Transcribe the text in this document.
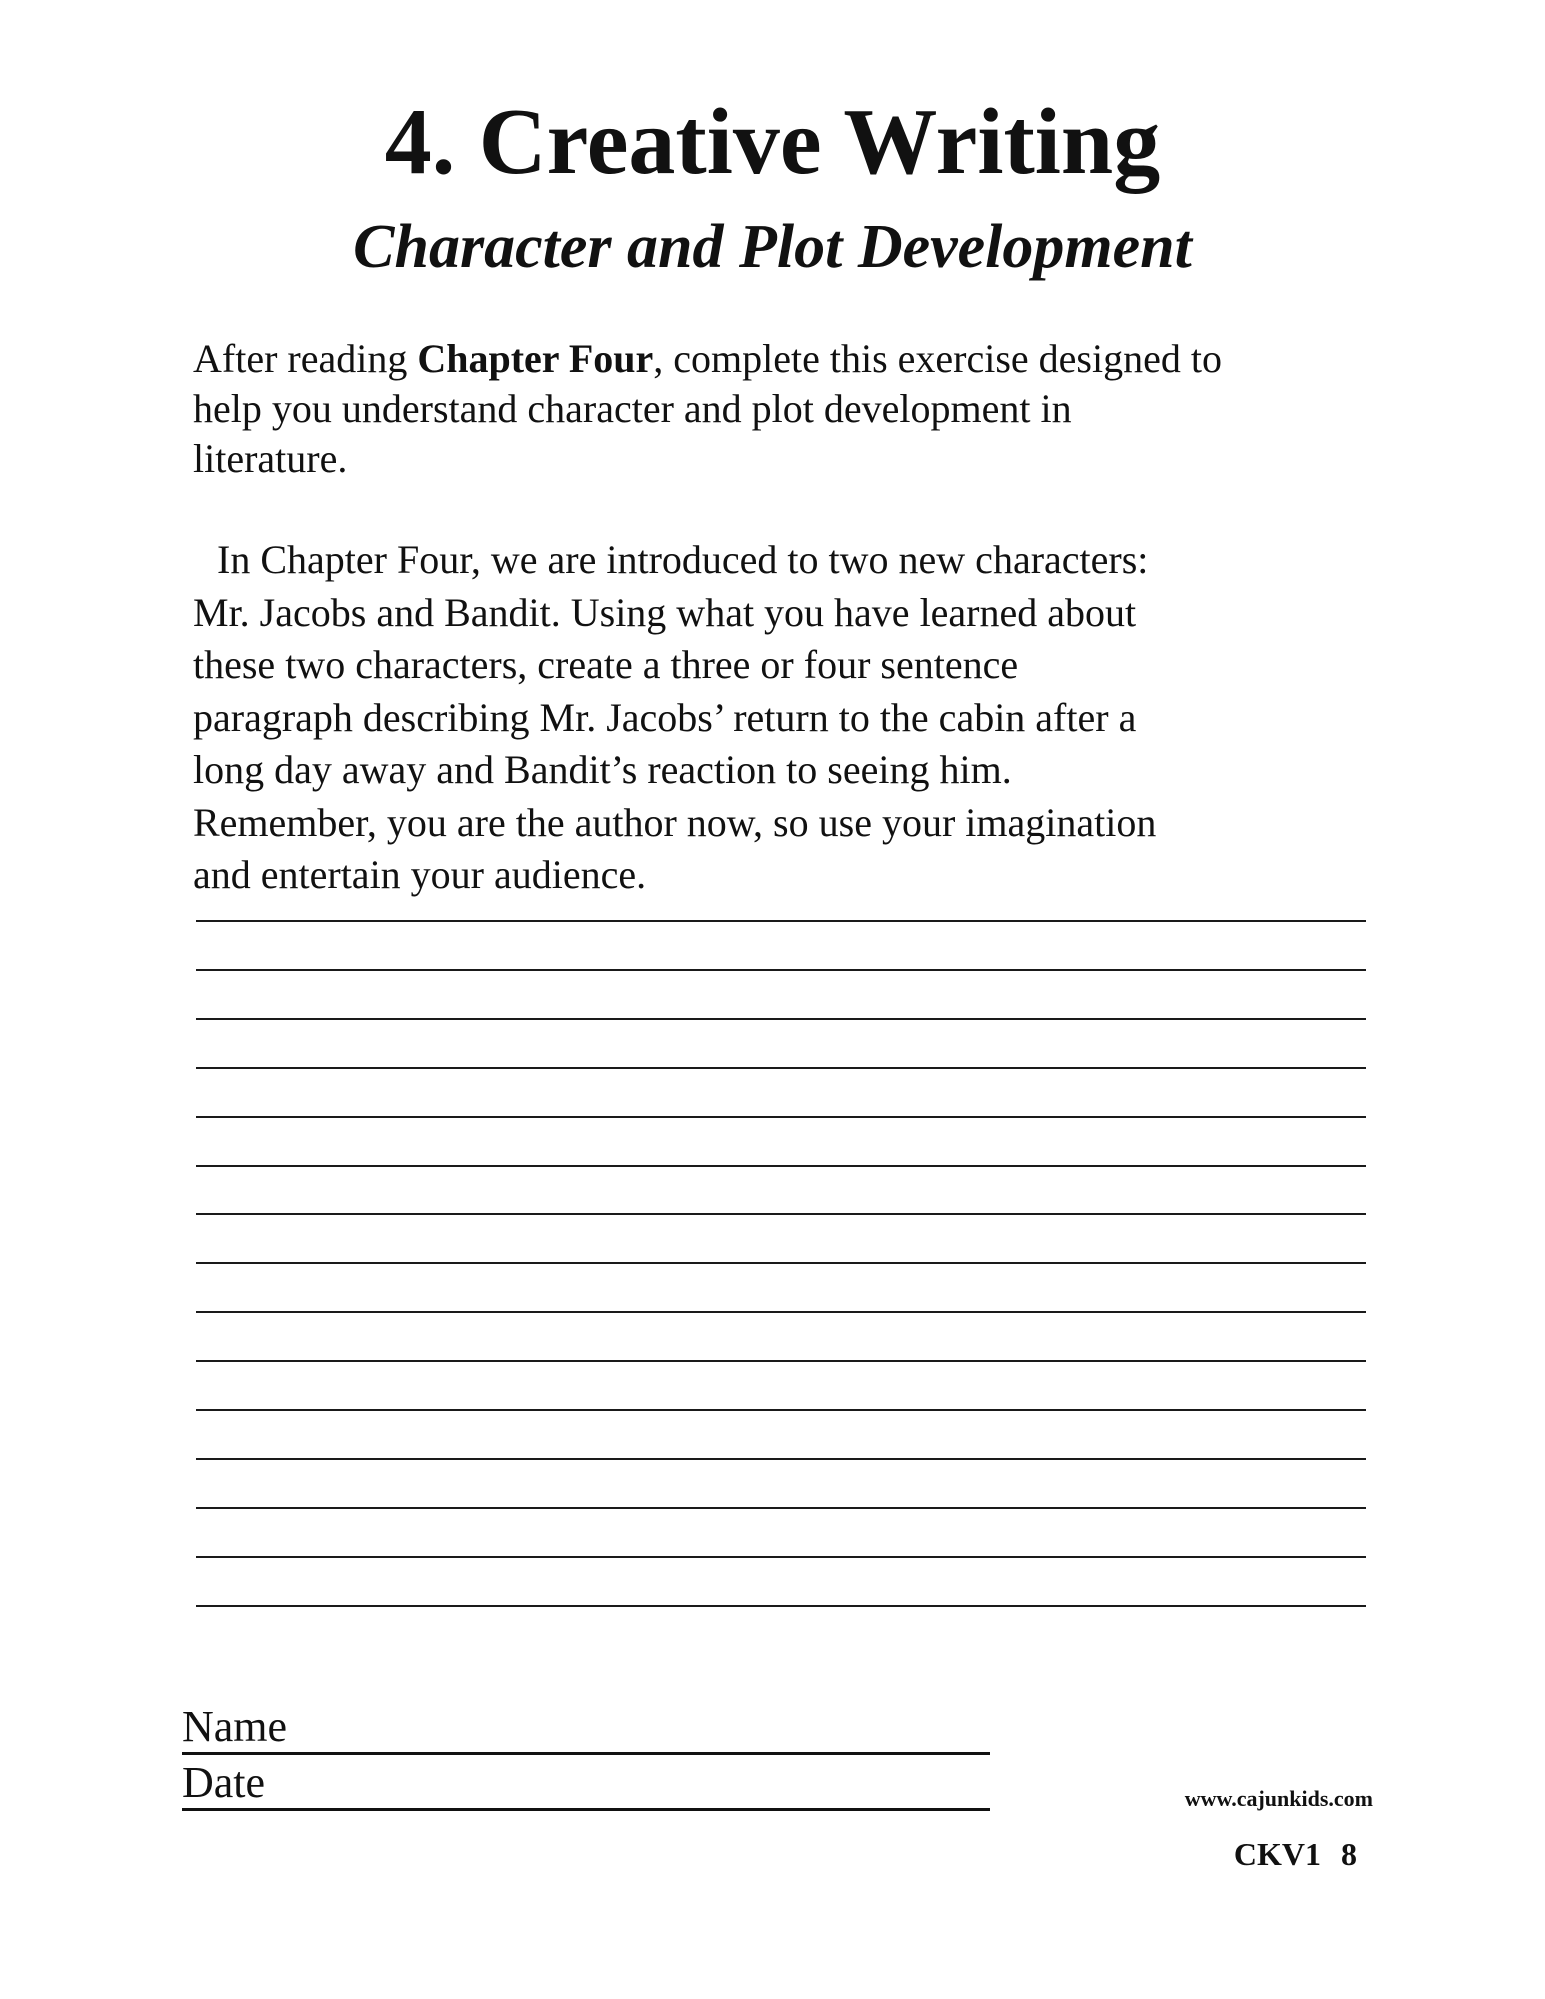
4. Creative Writing
Character and Plot Development

After reading Chapter Four, complete this exercise designed to
help you understand character and plot development in
literature.

In Chapter Four, we are introduced to two new characters:
Mr. Jacobs and Bandit. Using what you have learned about
these two characters, create a three or four sentence
paragraph describing Mr. Jacobs’ return to the cabin after a
long day away and Bandit’s reaction to seeing him.
Remember, you are the author now, so use your imagination
and entertain your audience.

Name
Date	www.cajunkids.com
CKV1 8
